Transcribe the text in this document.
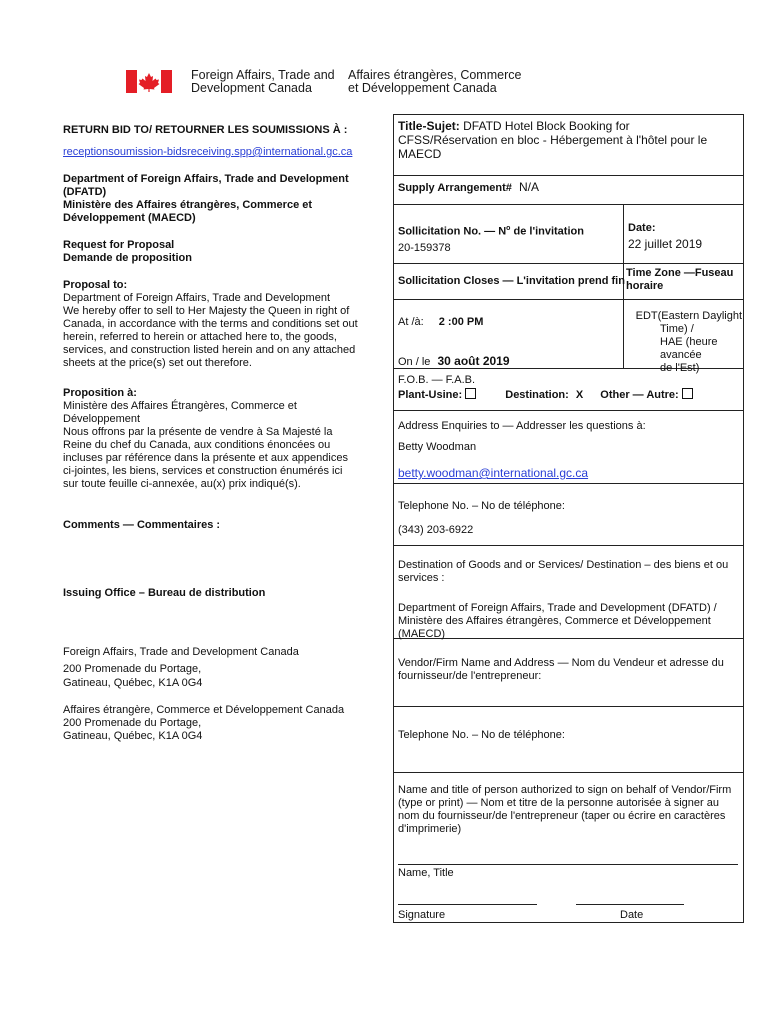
Foreign Affairs, Trade and
Development Canada
Affaires étrangères, Commerce
et Développement Canada
RETURN BID TO/ RETOURNER LES SOUMISSIONS À :
receptionsoumission-bidsreceiving.spp@international.gc.ca
Department of Foreign Affairs, Trade and Development
(DFATD)
Ministère des Affaires étrangères, Commerce et
Développement (MAECD)
Request for Proposal
Demande de proposition
Proposal to:
Department of Foreign Affairs, Trade and Development
We hereby offer to sell to Her Majesty the Queen in right of
Canada, in accordance with the terms and conditions set out
herein, referred to herein or attached here to, the goods,
services, and construction listed herein and on any attached
sheets at the price(s) set out therefore.
Proposition à:
Ministère des Affaires Étrangères, Commerce et
Développement
Nous offrons par la présente de vendre à Sa Majesté la
Reine du chef du Canada, aux conditions énoncées ou
incluses par référence dans la présente et aux appendices
ci-jointes, les biens, services et construction énumérés ici
sur toute feuille ci-annexée, au(x) prix indiqué(s).
Comments — Commentaires :
Issuing Office – Bureau de distribution
Foreign Affairs, Trade and Development Canada
200 Promenade du Portage,
Gatineau, Québec, K1A 0G4
Affaires étrangère, Commerce et Développement Canada
200 Promenade du Portage,
Gatineau, Québec, K1A 0G4
Title-Sujet: DFATD Hotel Block Booking for
CFSS/Réservation en bloc - Hébergement à l'hôtel pour le
MAECD
Supply Arrangement# N/A
Sollicitation No. — $N^o$ de l'invitation
20-159378
Date:
22 juillet 2019
Sollicitation Closes — L'invitation prend fin
Time Zone —Fuseau
horaire
At /à: 2 :00 PM
On / le 30 août 2019
EDT(Eastern Daylight
Time) /
HAE (heure avancée
de l'Est)
F.O.B. — F.A.B.
Plant-Usine:	Destination: X Other — Autre:
Address Enquiries to — Addresser les questions à:
Betty Woodman
betty.woodman@international.gc.ca
Telephone No. – No de téléphone:
(343) 203-6922
Destination of Goods and or Services/ Destination – des biens et ou
services :
Department of Foreign Affairs, Trade and Development (DFATD) /
Ministère des Affaires étrangères, Commerce et Développement
(MAECD)
Vendor/Firm Name and Address — Nom du Vendeur et adresse du
fournisseur/de l'entrepreneur:
Telephone No. – No de téléphone:
Name and title of person authorized to sign on behalf of Vendor/Firm
(type or print) — Nom et titre de la personne autorisée à signer au
nom du fournisseur/de l'entrepreneur (taper ou écrire en caractères
d'imprimerie)
Name, Title
Signature	Date
